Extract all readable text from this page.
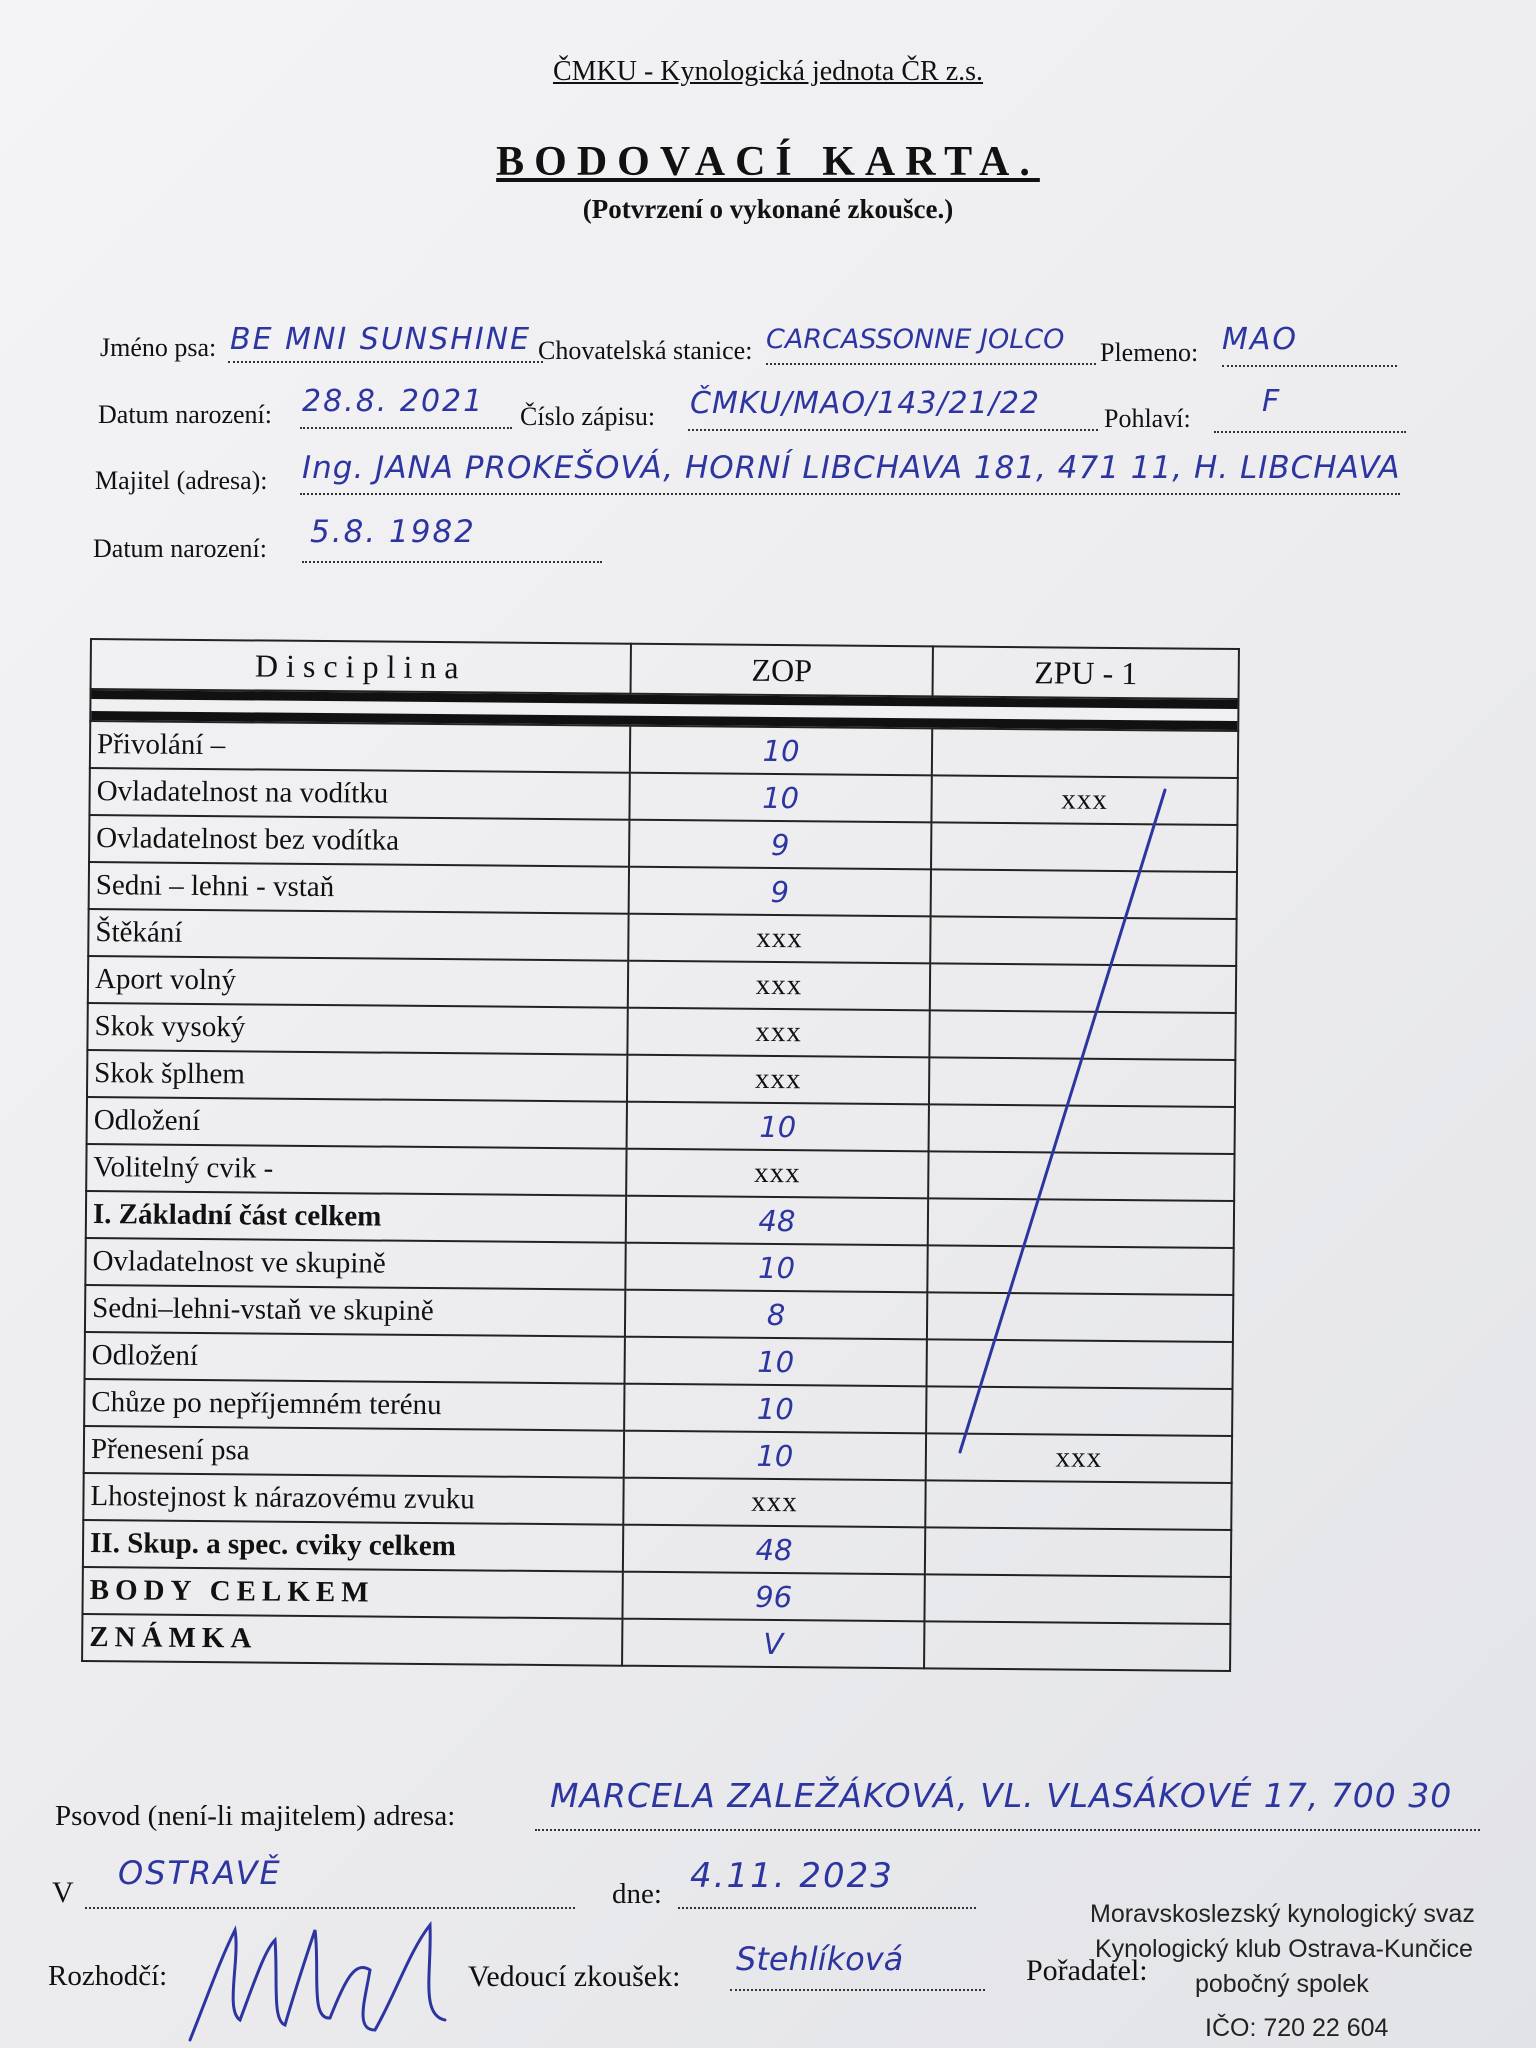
ČMKU - Kynologická jednota ČR z.s.
BODOVACÍ KARTA.
(Potvrzení o vykonané zkoušce.)
Jméno psa: BE MNI SUNSHINE Chovatelská stanice: CARCASSONNE JOLCO Plemeno: MAO
Datum narození: 28.8. 2021 Číslo zápisu: ČMKU/MAO/143/21/22 Pohlaví: F
Majitel (adresa): Ing. JANA PROKEŠOVÁ, HORNÍ LIBCHAVA 181, 471 11, H. LIBCHAVA
Datum narození: 5.8. 1982
Disciplina	ZOP	ZPU - 1

Přivolání –	10	
Ovladatelnost na vodítku	10	xxx
Ovladatelnost bez vodítka	9	
Sedni – lehni - vstaň	9	
Štěkání	xxx	
Aport volný	xxx	
Skok vysoký	xxx	
Skok šplhem	xxx	
Odložení	10	
Volitelný cvik -	xxx	
I. Základní část celkem	48	
Ovladatelnost ve skupině	10	
Sedni–lehni-vstaň ve skupině	8	
Odložení	10	
Chůze po nepříjemném terénu	10	
Přenesení psa	10	xxx
Lhostejnost k nárazovému zvuku	xxx	
II. Skup. a spec. cviky celkem	48	
BODY CELKEM	96	
ZNÁMKA	V	
Psovod (není-li majitelem) adresa:
MARCELA ZALEŽÁKOVÁ, VL. VLASÁKOVÉ 17, 700 30
V
OSTRAVĚ
dne: 4.11. 2023
Rozhodčí:	Vedoucí zkoušek: Stehlíková	Pořadatel:
Moravskoslezský kynologický svaz
Kynologický klub Ostrava-Kunčice
pobočný spolek
IČO: 720 22 604
